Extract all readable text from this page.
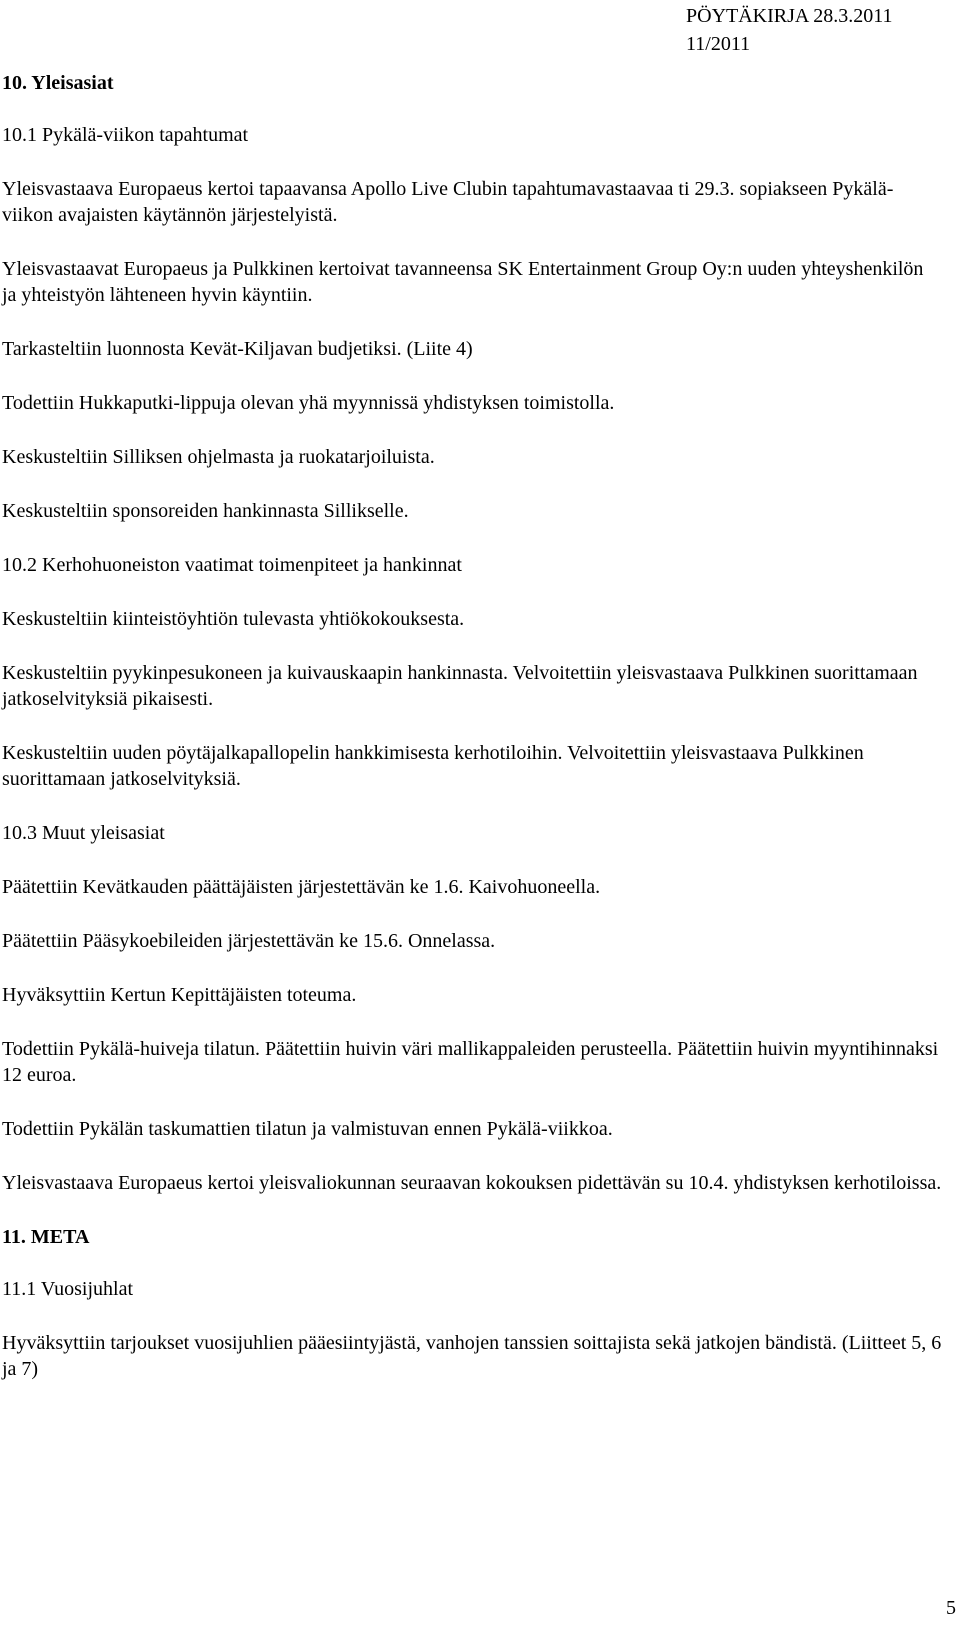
PÖYTÄKIRJA 28.3.2011
11/2011
10. Yleisasiat

10.1 Pykälä-viikon tapahtumat

Yleisvastaava Europaeus kertoi tapaavansa Apollo Live Clubin tapahtumavastaavaa ti 29.3. sopiakseen Pykälä-viikon avajaisten käytännön järjestelyistä.

Yleisvastaavat Europaeus ja Pulkkinen kertoivat tavanneensa SK Entertainment Group Oy:n uuden yhteyshenkilön ja yhteistyön lähteneen hyvin käyntiin.

Tarkasteltiin luonnosta Kevät-Kiljavan budjetiksi. (Liite 4)

Todettiin Hukkaputki-lippuja olevan yhä myynnissä yhdistyksen toimistolla.

Keskusteltiin Silliksen ohjelmasta ja ruokatarjoiluista.

Keskusteltiin sponsoreiden hankinnasta Sillikselle.

10.2 Kerhohuoneiston vaatimat toimenpiteet ja hankinnat

Keskusteltiin kiinteistöyhtiön tulevasta yhtiökokouksesta.

Keskusteltiin pyykinpesukoneen ja kuivauskaapin hankinnasta. Velvoitettiin yleisvastaava Pulkkinen suorittamaan jatkoselvityksiä pikaisesti.

Keskusteltiin uuden pöytäjalkapallopelin hankkimisesta kerhotiloihin. Velvoitettiin yleisvastaava Pulkkinen suorittamaan jatkoselvityksiä.

10.3 Muut yleisasiat

Päätettiin Kevätkauden päättäjäisten järjestettävän ke 1.6. Kaivohuoneella.

Päätettiin Pääsykoebileiden järjestettävän ke 15.6. Onnelassa.

Hyväksyttiin Kertun Kepittäjäisten toteuma.

Todettiin Pykälä-huiveja tilatun. Päätettiin huivin väri mallikappaleiden perusteella. Päätettiin huivin myyntihinnaksi 12 euroa.

Todettiin Pykälän taskumattien tilatun ja valmistuvan ennen Pykälä-viikkoa.

Yleisvastaava Europaeus kertoi yleisvaliokunnan seuraavan kokouksen pidettävän su 10.4. yhdistyksen kerhotiloissa.

11. META

11.1 Vuosijuhlat

Hyväksyttiin tarjoukset vuosijuhlien pääesiintyjästä, vanhojen tanssien soittajista sekä jatkojen bändistä. (Liitteet 5, 6 ja 7)

5
